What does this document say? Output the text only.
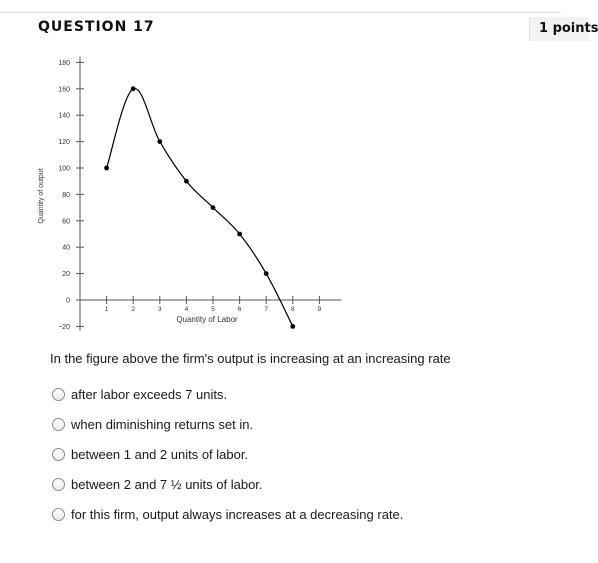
QUESTION 17	1 points
−20
0
20
40
60
80
100
120
140
160
180
1	2	3	4	5	6	7	8	9
Quantity of output
Quantity of Labor
In the figure above the firm's output is increasing at an increasing rate
after labor exceeds 7 units.
when diminishing returns set in.
between 1 and 2 units of labor.
between 2 and 7 ½ units of labor.
for this firm, output always increases at a decreasing rate.
